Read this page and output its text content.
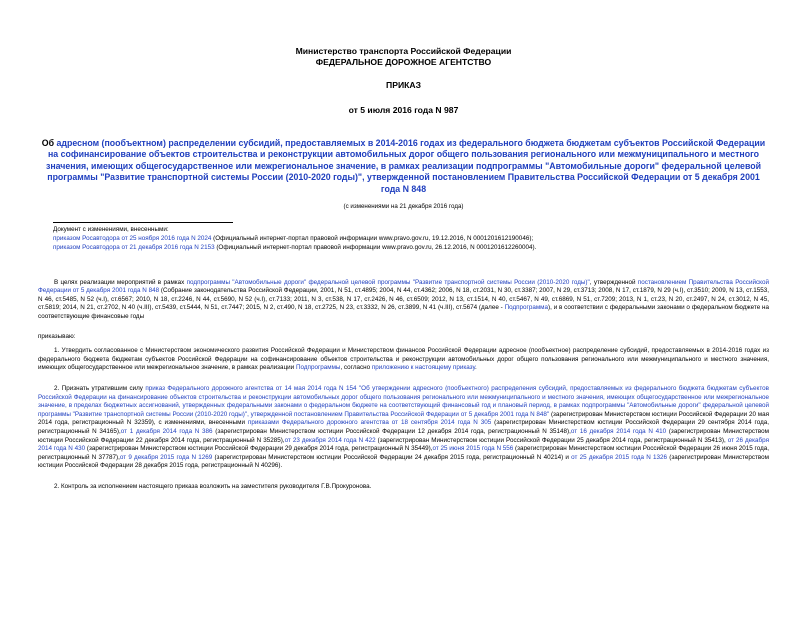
Министерство транспорта Российской Федерации
ФЕДЕРАЛЬНОЕ ДОРОЖНОЕ АГЕНТСТВО
ПРИКАЗ
от 5 июля 2016 года N 987
Об адресном (пообъектном) распределении субсидий, предоставляемых в 2014-2016 годах из федерального бюджета бюджетам субъектов Российской Федерации на софинансирование объектов строительства и реконструкции автомобильных дорог общего пользования регионального или межмуниципального и местного значения, имеющих общегосударственное или межрегиональное значение, в рамках реализации подпрограммы "Автомобильные дороги" федеральной целевой программы "Развитие транспортной системы России (2010-2020 годы)", утвержденной постановлением Правительства Российской Федерации от 5 декабря 2001 года N 848
(с изменениями на 21 декабря 2016 года)
Документ с изменениями, внесенными:
приказом Росавтодора от 25 ноября 2016 года N 2024 (Официальный интернет-портал правовой информации www.pravo.gov.ru, 19.12.2016, N 0001201612190046);
приказом Росавтодора от 21 декабря 2016 года N 2153 (Официальный интернет-портал правовой информации www.pravo.gov.ru, 26.12.2016, N 0001201612260004).

В целях реализации мероприятий в рамках подпрограммы "Автомобильные дороги" федеральной целевой программы "Развитие транспортной системы России (2010-2020 годы)", утвержденной постановлением Правительства Российской Федерации от 5 декабря 2001 года N 848 (Собрание законодательства Российской Федерации, 2001, N 51, ст.4895; 2004, N 44, ст.4362; 2006, N 18, ст.2031, N 30, ст.3387; 2007, N 29, ст.3713; 2008, N 17, ст.1879, N 29 (ч.I), ст.3510; 2009, N 13, ст.1553, N 46, ст.5485, N 52 (ч.I), ст.6567; 2010, N 18, ст.2246, N 44, ст.5690, N 52 (ч.I), ст.7133; 2011, N 3, ст.538, N 17, ст.2426, N 46, ст.6509; 2012, N 13, ст.1514, N 40, ст.5467, N 49, ст.6869, N 51, ст.7209; 2013, N 1, ст.23, N 20, ст.2497, N 24, ст.3012, N 45, ст.5819; 2014, N 21, ст.2702, N 40 (ч.III), ст.5439, ст.5444, N 51, ст.7447; 2015, N 2, ст.490, N 18, ст.2725, N 23, ст.3332, N 26, ст.3899, N 41 (ч.III), ст.5674 (далее - Подпрограмма), и в соответствии с федеральными законами о федеральном бюджете на соответствующие финансовые годы

приказываю:

1. Утвердить согласованное с Министерством экономического развития Российской Федерации и Министерством финансов Российской Федерации адресное (пообъектное) распределение субсидий, предоставляемых в 2014-2016 годах из федерального бюджета бюджетам субъектов Российской Федерации на софинансирование объектов строительства и реконструкции автомобильных дорог общего пользования регионального или межмуниципального и местного значения, имеющих общегосударственное или межрегиональное значение, в рамках реализации Подпрограммы, согласно приложению к настоящему приказу.

2. Признать утратившим силу приказ Федерального дорожного агентства от 14 мая 2014 года N 154 "Об утверждении адресного (пообъектного) распределения субсидий, предоставляемых из федерального бюджета бюджетам субъектов Российской Федерации на финансирование объектов строительства и реконструкции автомобильных дорог общего пользования регионального или межмуниципального и местного значения, имеющих общегосударственное или межрегиональное значение, в пределах бюджетных ассигнований, утвержденных федеральными законами о федеральном бюджете на соответствующий финансовый год и плановый период, в рамках подпрограммы "Автомобильные дороги" федеральной целевой программы "Развитие транспортной системы России (2010-2020 годы)", утвержденной постановлением Правительства Российской Федерации от 5 декабря 2001 года N 848" (зарегистрирован Министерством юстиции Российской Федерации 20 мая 2014 года, регистрационный N 32359), с изменениями, внесенными приказами Федерального дорожного агентства от 18 сентября 2014 года N 305 (зарегистрирован Министерством юстиции Российской Федерации 29 сентября 2014 года, регистрационный N 34165),от 1 декабря 2014 года N 386 (зарегистрирован Министерством юстиции Российской Федерации 12 декабря 2014 года, регистрационный N 35148),от 16 декабря 2014 года N 410 (зарегистрирован Министерством юстиции Российской Федерации 22 декабря 2014 года, регистрационный N 35285),от 23 декабря 2014 года N 422 (зарегистрирован Министерством юстиции Российской Федерации 25 декабря 2014 года, регистрационный N 35413), от 26 декабря 2014 года N 430 (зарегистрирован Министерством юстиции Российской Федерации 29 декабря 2014 года, регистрационный N 35449),от 25 июня 2015 года N 556 (зарегистрирован Министерством юстиции Российской Федерации 26 июня 2015 года, регистрационный N 37787),от 9 декабря 2015 года N 1269 (зарегистрирован Министерством юстиции Российской Федерации 24 декабря 2015 года, регистрационный N 40214) и от 25 декабря 2015 года N 1326 (зарегистрирован Министерством юстиции Российской Федерации 28 декабря 2015 года, регистрационный N 40296).

2. Контроль за исполнением настоящего приказа возложить на заместителя руководителя Г.В.Прокуронова.
